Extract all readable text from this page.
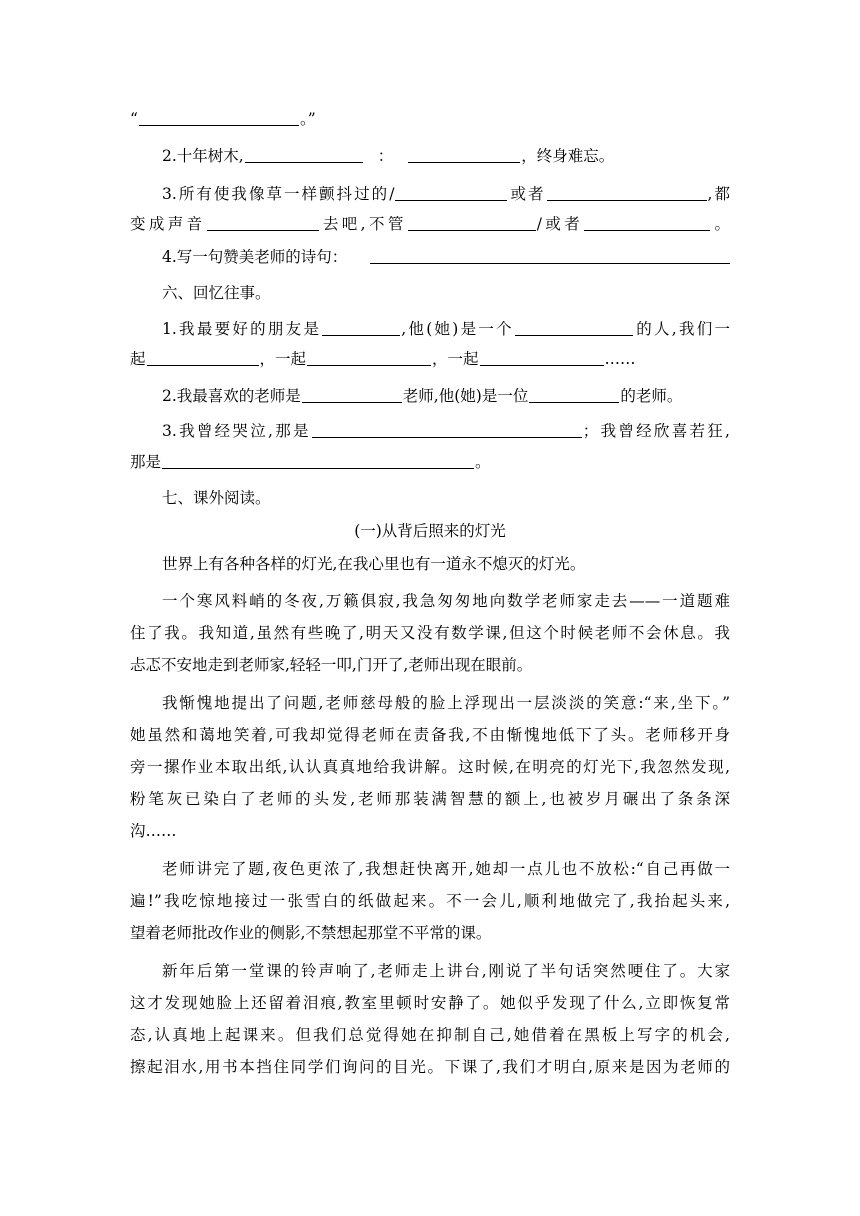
“	。”
2.十年树木,	：	，终身难忘。
3.所有使我像草一样颤抖过的/	或者	,都
变成声音	去吧,不管	/或者	。
4.写一句赞美老师的诗句：
六、回忆往事。
1.我最要好的朋友是	,他(她)是一个	的人,我们一
起	，一起	，一起	……
2.我最喜欢的老师是	老师,他(她)是一位	的老师。
3.我曾经哭泣,那是	；我曾经欣喜若狂,
那是	。
七、课外阅读。
(一)从背后照来的灯光
世界上有各种各样的灯光,在我心里也有一道永不熄灭的灯光。
一个寒风料峭的冬夜,万籁俱寂,我急匆匆地向数学老师家走去——一道题难
住了我。我知道,虽然有些晚了,明天又没有数学课,但这个时候老师不会休息。我
忐忑不安地走到老师家,轻轻一叩,门开了,老师出现在眼前。
我惭愧地提出了问题,老师慈母般的脸上浮现出一层淡淡的笑意:“来,坐下。”
她虽然和蔼地笑着,可我却觉得老师在责备我,不由惭愧地低下了头。老师移开身
旁一摞作业本取出纸,认认真真地给我讲解。这时候,在明亮的灯光下,我忽然发现,
粉笔灰已染白了老师的头发,老师那装满智慧的额上,也被岁月碾出了条条深
沟……
老师讲完了题,夜色更浓了,我想赶快离开,她却一点儿也不放松:“自己再做一
遍!”我吃惊地接过一张雪白的纸做起来。不一会儿,顺利地做完了,我抬起头来,
望着老师批改作业的侧影,不禁想起那堂不平常的课。
新年后第一堂课的铃声响了,老师走上讲台,刚说了半句话突然哽住了。大家
这才发现她脸上还留着泪痕,教室里顿时安静了。她似乎发现了什么,立即恢复常
态,认真地上起课来。但我们总觉得她在抑制自己,她借着在黑板上写字的机会,
擦起泪水,用书本挡住同学们询问的目光。下课了,我们才明白,原来是因为老师的
